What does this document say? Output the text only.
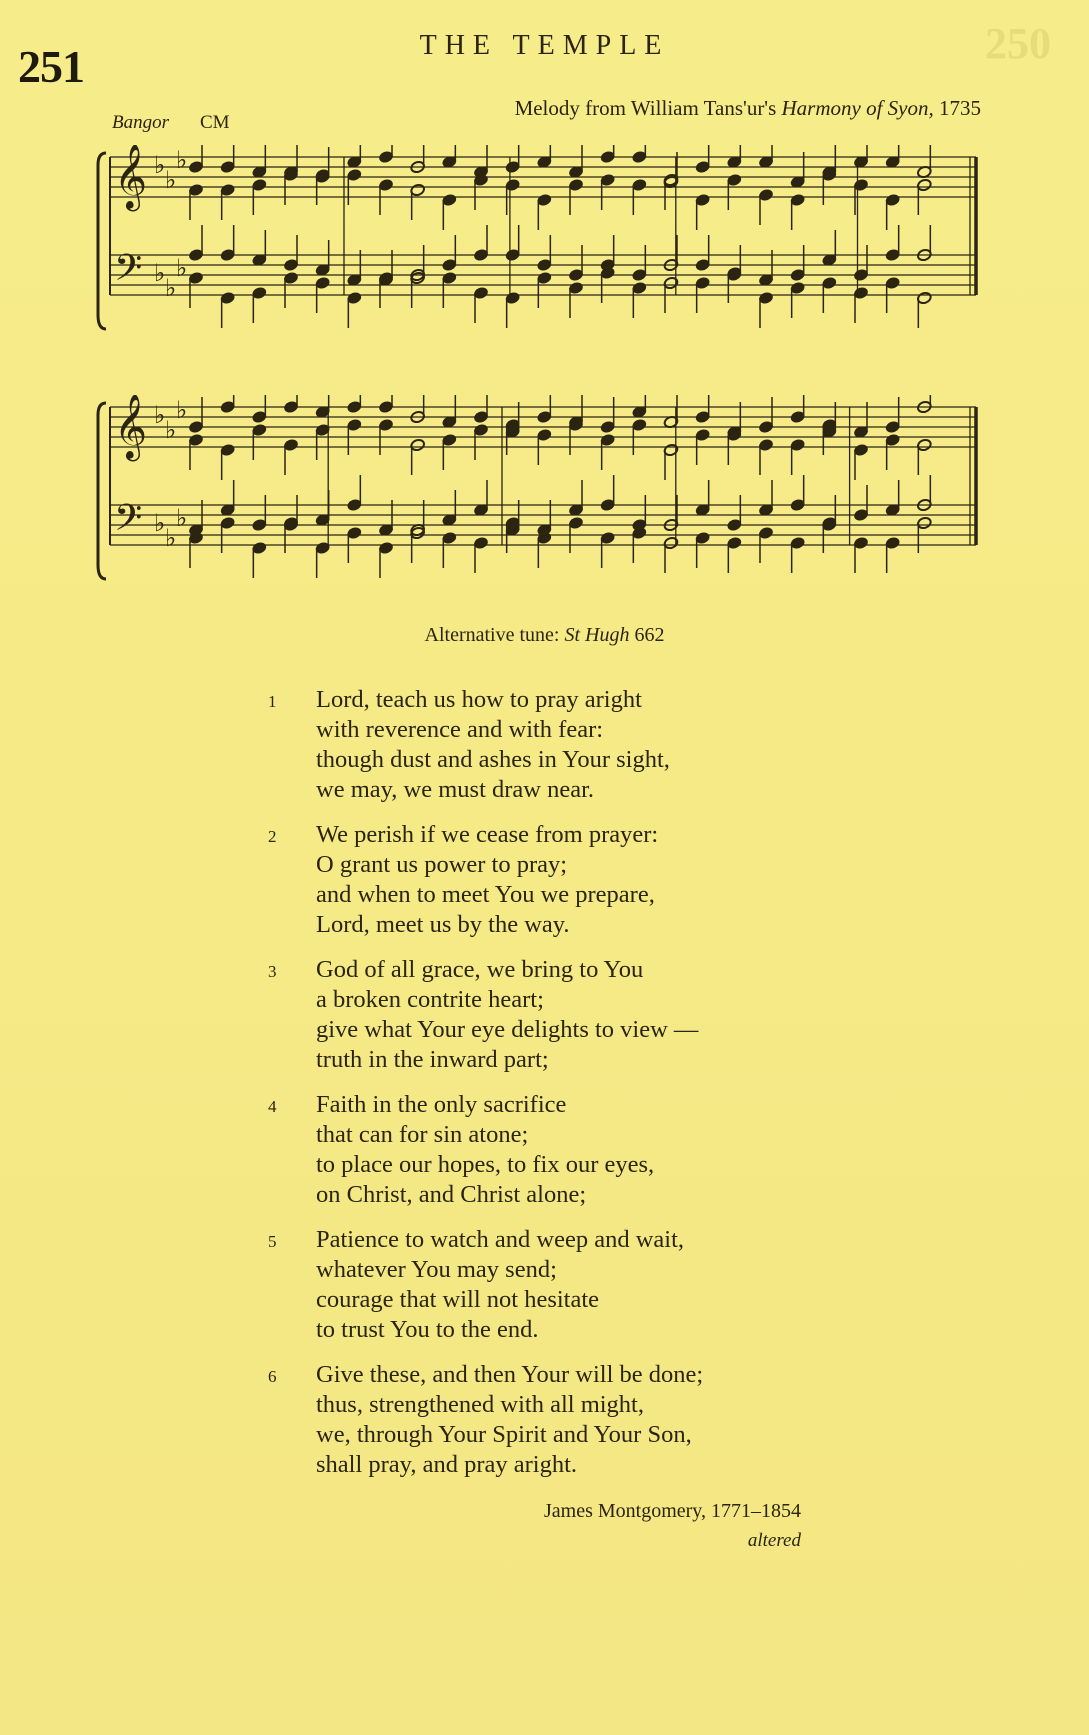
250
251	THE TEMPLE
Bangor CM
Melody from William Tans'ur's Harmony of Syon, 1735
𝄞 ♭
♭
♭
𝄢 ♭
♭
♭
𝄞 ♭
♭
♭
𝄢 ♭
♭
♭
Alternative tune: St Hugh 662
1 Lord, teach us how to pray aright
with reverence and with fear:
though dust and ashes in Your sight,
we may, we must draw near.
2 We perish if we cease from prayer:
O grant us power to pray;
and when to meet You we prepare,
Lord, meet us by the way.
3 God of all grace, we bring to You
a broken contrite heart;
give what Your eye delights to view —
truth in the inward part;
4 Faith in the only sacrifice
that can for sin atone;
to place our hopes, to fix our eyes,
on Christ, and Christ alone;
5 Patience to watch and weep and wait,
whatever You may send;
courage that will not hesitate
to trust You to the end.
6 Give these, and then Your will be done;
thus, strengthened with all might,
we, through Your Spirit and Your Son,
shall pray, and pray aright.
James Montgomery, 1771–1854
altered
